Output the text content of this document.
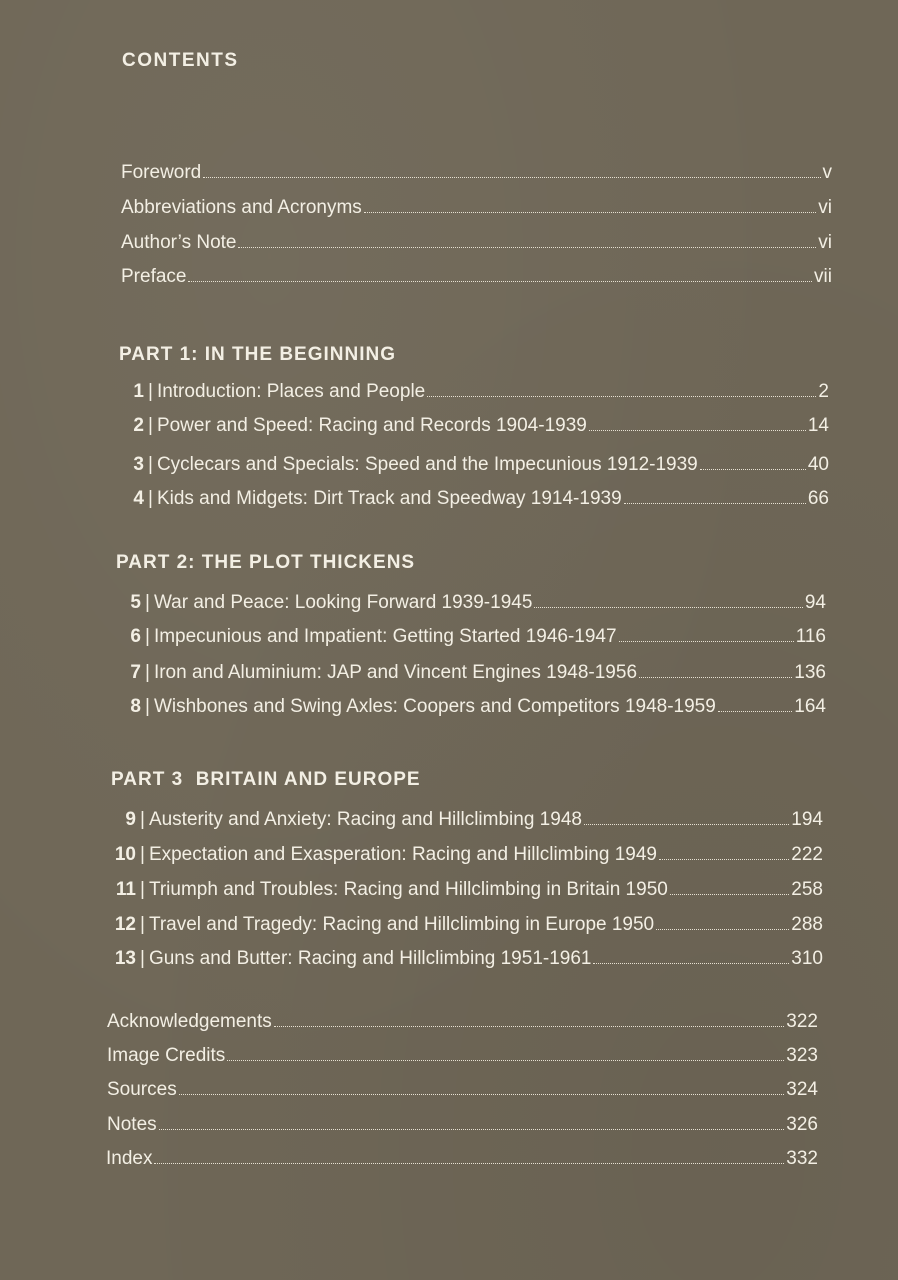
CONTENTS
Foreword	v
Abbreviations and Acronyms	vi
Author’s Note	vi
Preface	vii
PART 1: IN THE BEGINNING
1 | Introduction: Places and People	2
2 | Power and Speed: Racing and Records 1904-1939	14
3 | Cyclecars and Specials: Speed and the Impecunious 1912-1939	40
4 | Kids and Midgets: Dirt Track and Speedway 1914-1939	66
PART 2: THE PLOT THICKENS
5 | War and Peace: Looking Forward 1939-1945	94
6 | Impecunious and Impatient: Getting Started 1946-1947	116
7 | Iron and Aluminium: JAP and Vincent Engines 1948-1956	136
8 | Wishbones and Swing Axles: Coopers and Competitors 1948-1959	164
PART 3  BRITAIN AND EUROPE
9 | Austerity and Anxiety: Racing and Hillclimbing 1948	194
10 | Expectation and Exasperation: Racing and Hillclimbing 1949	222
11 | Triumph and Troubles: Racing and Hillclimbing in Britain 1950	258
12 | Travel and Tragedy: Racing and Hillclimbing in Europe 1950	288
13 | Guns and Butter: Racing and Hillclimbing 1951-1961	310
Acknowledgements	322
Image Credits	323
Sources	324
Notes	326
Index	332
